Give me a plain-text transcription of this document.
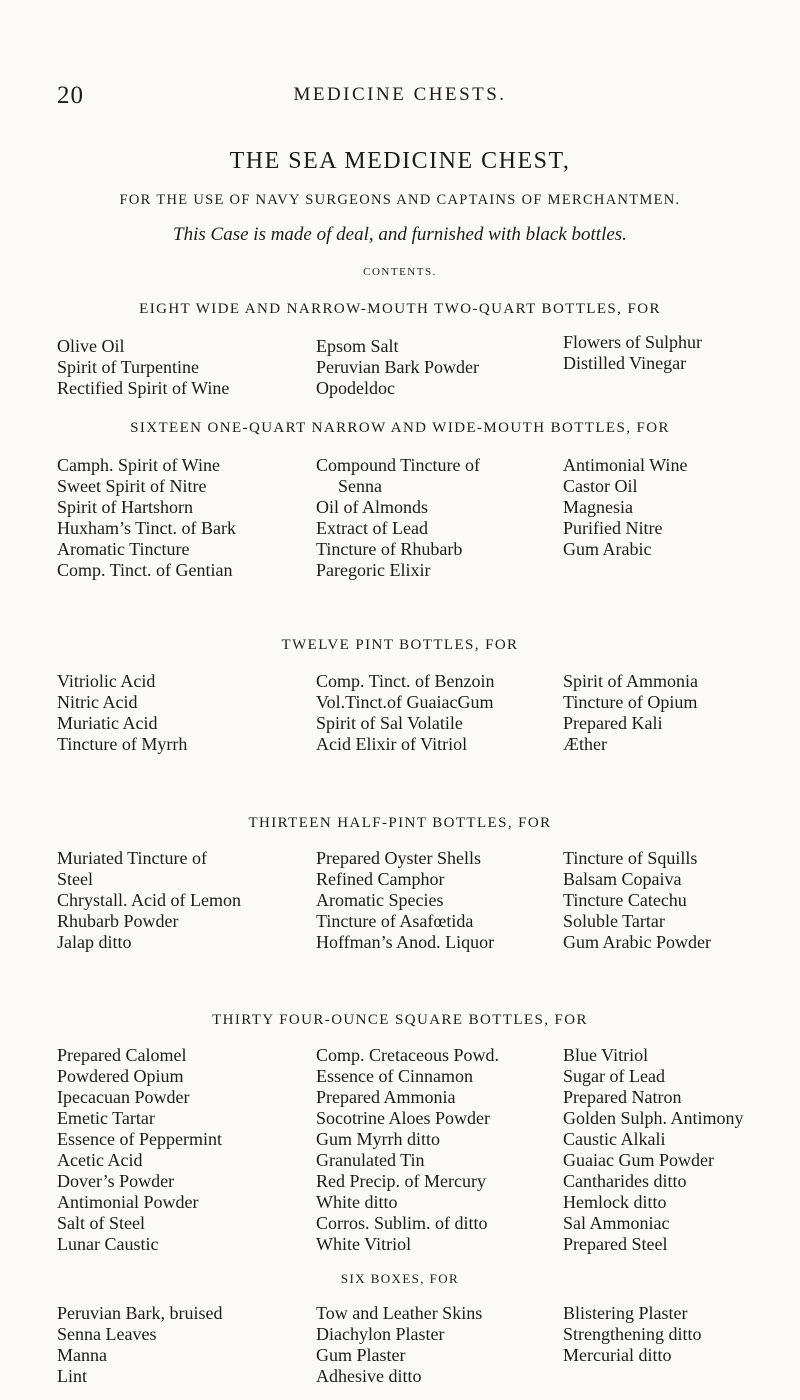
20	MEDICINE CHESTS.
THE SEA MEDICINE CHEST,
FOR THE USE OF NAVY SURGEONS AND CAPTAINS OF MERCHANTMEN.
This Case is made of deal, and furnished with black bottles.
CONTENTS.
EIGHT WIDE AND NARROW-MOUTH TWO-QUART BOTTLES, FOR
Olive Oil
Spirit of Turpentine
Rectified Spirit of Wine
Epsom Salt
Peruvian Bark Powder
Opodeldoc
Flowers of Sulphur
Distilled Vinegar
SIXTEEN ONE-QUART NARROW AND WIDE-MOUTH BOTTLES, FOR
Camph. Spirit of Wine
Sweet Spirit of Nitre
Spirit of Hartshorn
Huxham’s Tinct. of Bark
Aromatic Tincture
Comp. Tinct. of Gentian
Compound Tincture of
Senna
Oil of Almonds
Extract of Lead
Tincture of Rhubarb
Paregoric Elixir
Antimonial Wine
Castor Oil
Magnesia
Purified Nitre
Gum Arabic
TWELVE PINT BOTTLES, FOR
Vitriolic Acid
Nitric Acid
Muriatic Acid
Tincture of Myrrh
Comp. Tinct. of Benzoin
Vol.Tinct.of GuaiacGum
Spirit of Sal Volatile
Acid Elixir of Vitriol
Spirit of Ammonia
Tincture of Opium
Prepared Kali
Æther
THIRTEEN HALF-PINT BOTTLES, FOR
Muriated Tincture of
Steel
Chrystall. Acid of Lemon
Rhubarb Powder
Jalap ditto
Prepared Oyster Shells
Refined Camphor
Aromatic Species
Tincture of Asafœtida
Hoffman’s Anod. Liquor
Tincture of Squills
Balsam Copaiva
Tincture Catechu
Soluble Tartar
Gum Arabic Powder
THIRTY FOUR-OUNCE SQUARE BOTTLES, FOR
Prepared Calomel
Powdered Opium
Ipecacuan Powder
Emetic Tartar
Essence of Peppermint
Acetic Acid
Dover’s Powder
Antimonial Powder
Salt of Steel
Lunar Caustic
Comp. Cretaceous Powd.
Essence of Cinnamon
Prepared Ammonia
Socotrine Aloes Powder
Gum Myrrh ditto
Granulated Tin
Red Precip. of Mercury
White ditto
Corros. Sublim. of ditto
White Vitriol
Blue Vitriol
Sugar of Lead
Prepared Natron
Golden Sulph. Antimony
Caustic Alkali
Guaiac Gum Powder
Cantharides ditto
Hemlock ditto
Sal Ammoniac
Prepared Steel
SIX BOXES, FOR
Peruvian Bark, bruised
Senna Leaves
Manna
Lint
Tow and Leather Skins
Diachylon Plaster
Gum Plaster
Adhesive ditto
Blistering Plaster
Strengthening ditto
Mercurial ditto
